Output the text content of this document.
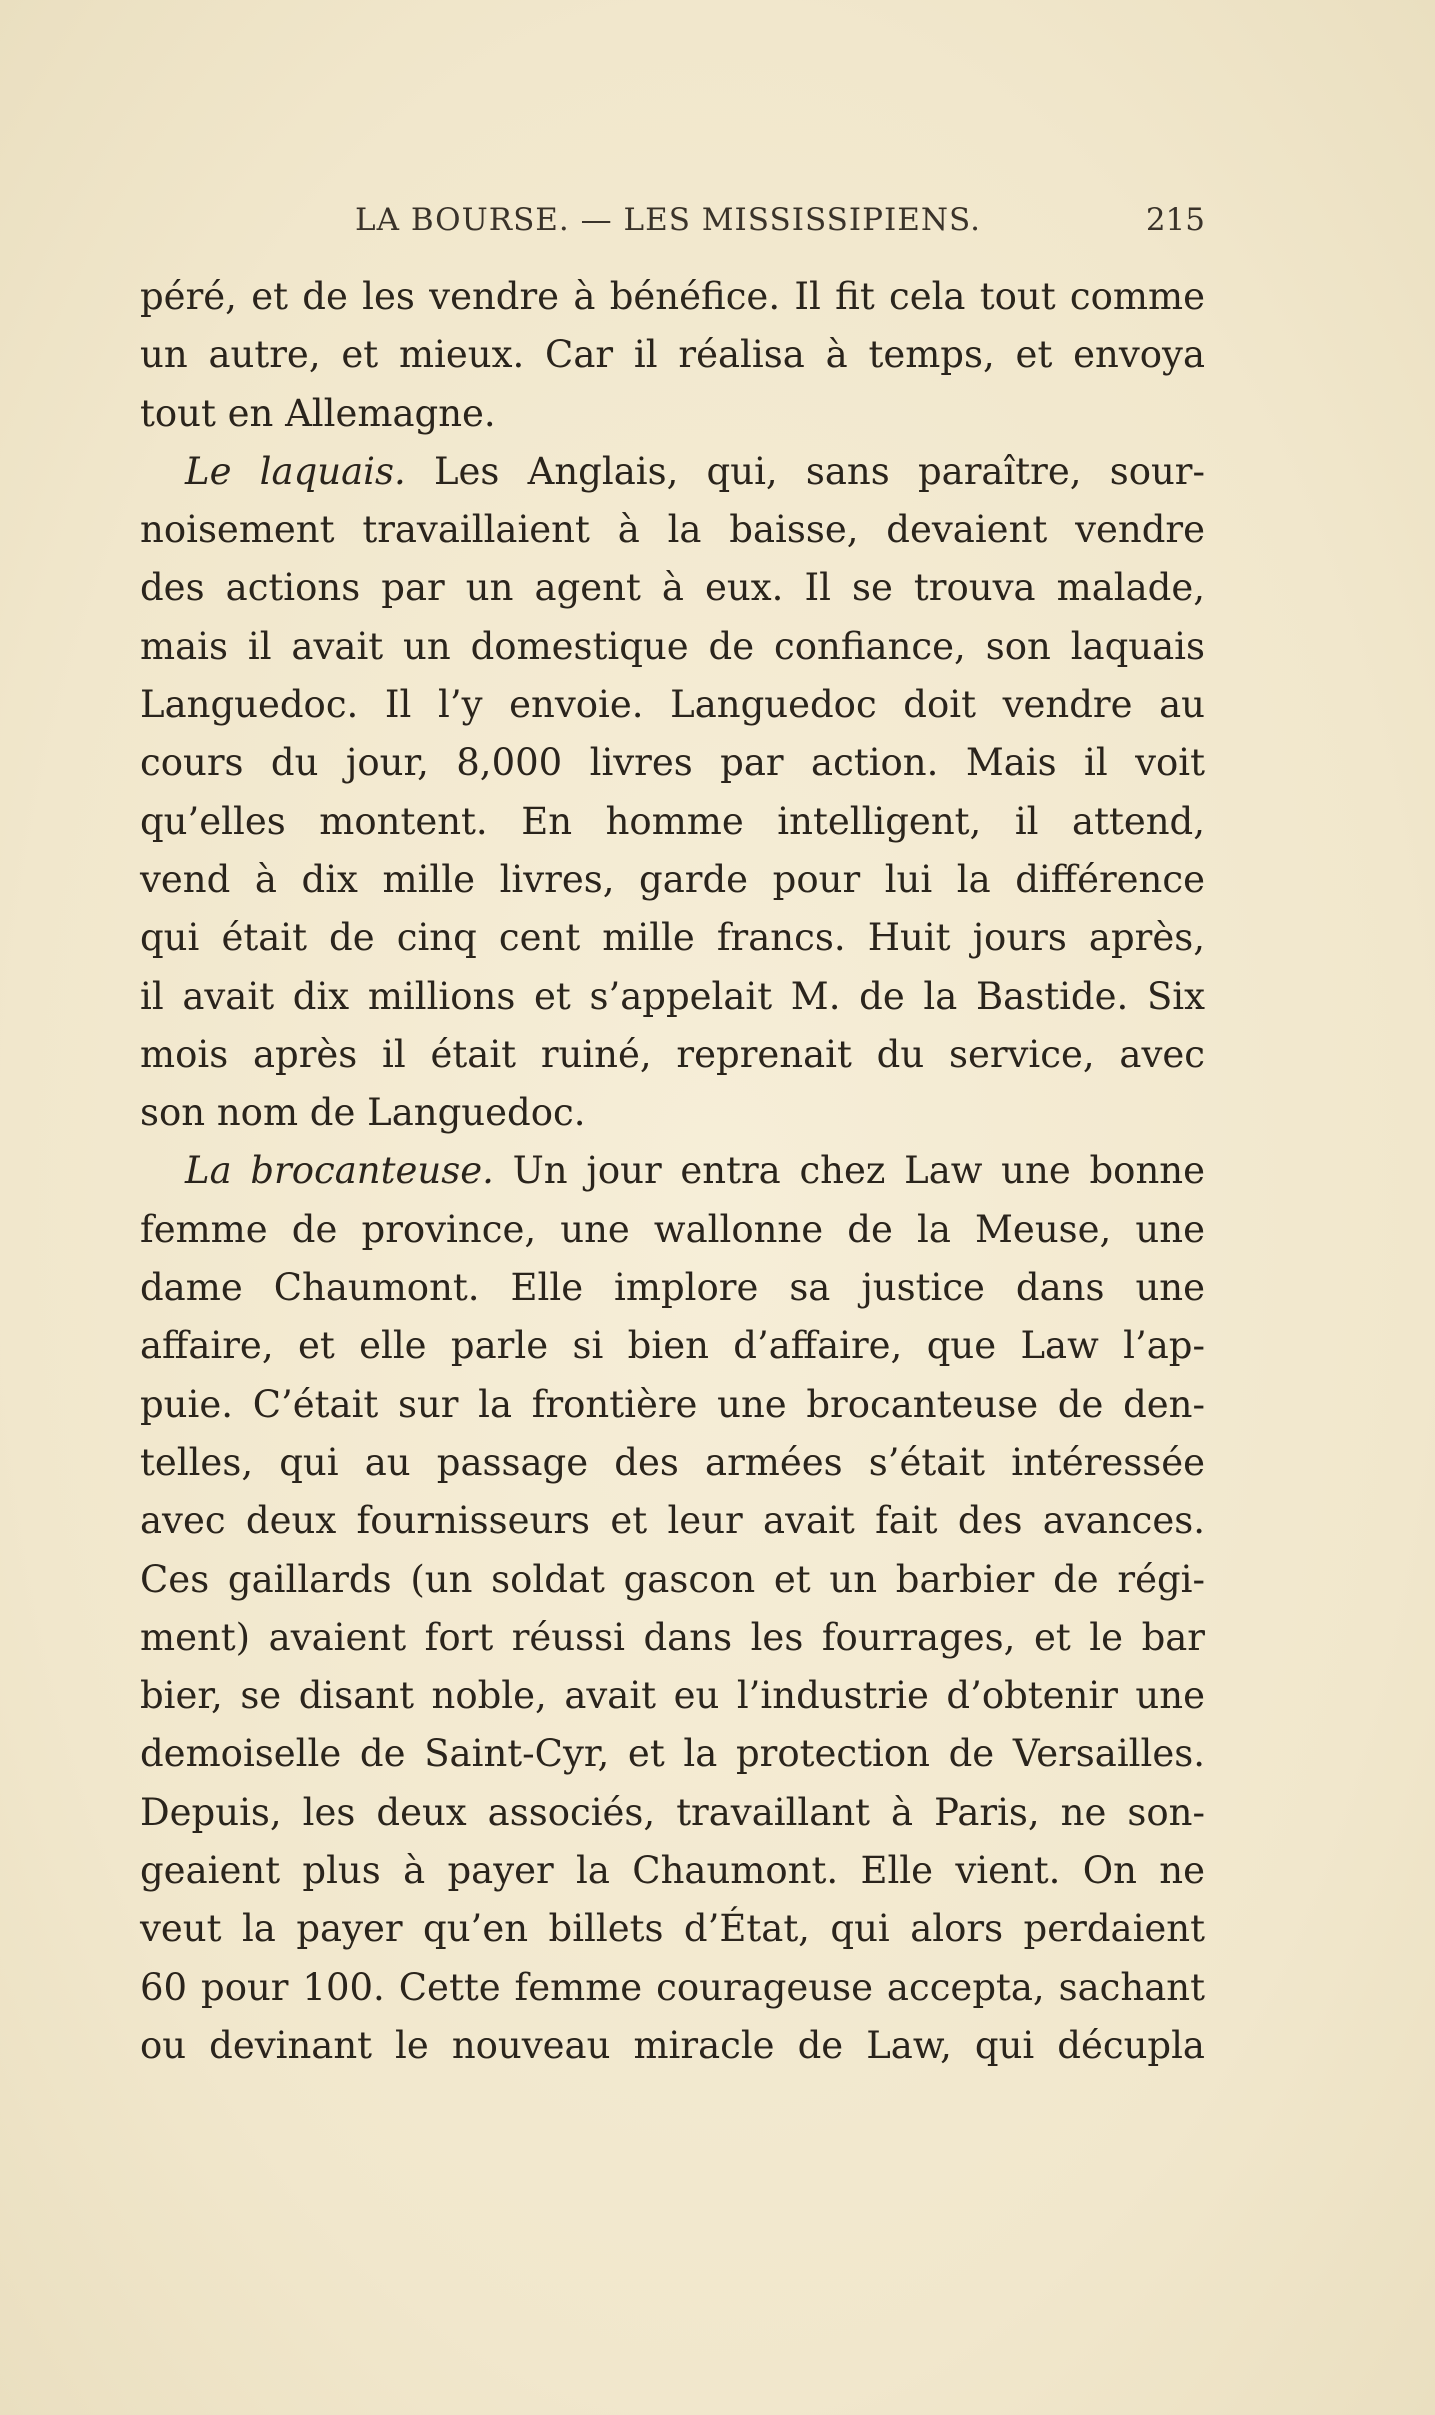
LA BOURSE. — LES MISSISSIPIENS.	215
péré, et de les vendre à bénéfice. Il fit cela tout comme
un autre, et mieux. Car il réalisa à temps, et envoya
tout en Allemagne.
Le laquais. Les Anglais, qui, sans paraître, sour-
noisement travaillaient à la baisse, devaient vendre
des actions par un agent à eux. Il se trouva malade,
mais il avait un domestique de confiance, son laquais
Languedoc. Il l’y envoie. Languedoc doit vendre au
cours du jour, 8,000 livres par action. Mais il voit
qu’elles montent. En homme intelligent, il attend,
vend à dix mille livres, garde pour lui la différence
qui était de cinq cent mille francs. Huit jours après,
il avait dix millions et s’appelait M. de la Bastide. Six
mois après il était ruiné, reprenait du service, avec
son nom de Languedoc.
La brocanteuse. Un jour entra chez Law une bonne
femme de province, une wallonne de la Meuse, une
dame Chaumont. Elle implore sa justice dans une
affaire, et elle parle si bien d’affaire, que Law l’ap-
puie. C’était sur la frontière une brocanteuse de den-
telles, qui au passage des armées s’était intéressée
avec deux fournisseurs et leur avait fait des avances.
Ces gaillards (un soldat gascon et un barbier de régi-
ment) avaient fort réussi dans les fourrages, et le bar
bier, se disant noble, avait eu l’industrie d’obtenir une
demoiselle de Saint-Cyr, et la protection de Versailles.
Depuis, les deux associés, travaillant à Paris, ne son-
geaient plus à payer la Chaumont. Elle vient. On ne
veut la payer qu’en billets d’État, qui alors perdaient
60 pour 100. Cette femme courageuse accepta, sachant
ou devinant le nouveau miracle de Law, qui décupla
